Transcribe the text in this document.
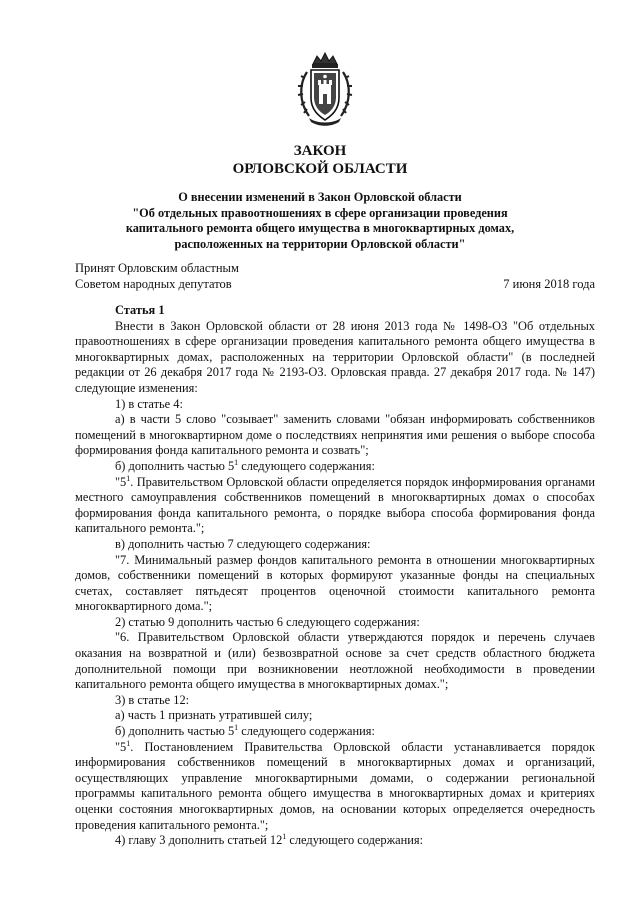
ЗАКОН
ОРЛОВСКОЙ ОБЛАСТИ
О внесении изменений в Закон Орловской области
"Об отдельных правоотношениях в сфере организации проведения
капитального ремонта общего имущества в многоквартирных домах,
расположенных на территории Орловской области"
Принят Орловским областным
Советом народных депутатов	7 июня 2018 года

Статья 1

Внести в Закон Орловской области от 28 июня 2013 года № 1498-ОЗ "Об отдельных правоотношениях в сфере организации проведения капитального ремонта общего имущества в многоквартирных домах, расположенных на территории Орловской области" (в последней редакции от 26 декабря 2017 года № 2193-ОЗ. Орловская правда. 27 декабря 2017 года. № 147) следующие изменения:

1) в статье 4:

а) в части 5 слово "созывает" заменить словами "обязан информировать собственников помещений в многоквартирном доме о последствиях непринятия ими решения о выборе способа формирования фонда капитального ремонта и созвать";

б) дополнить частью $5^1$ следующего содержания:

"$5^1$. Правительством Орловской области определяется порядок информирования органами местного самоуправления собственников помещений в многоквартирных домах о способах формирования фонда капитального ремонта, о порядке выбора способа формирования фонда капитального ремонта.";

в) дополнить частью 7 следующего содержания:

"7. Минимальный размер фондов капитального ремонта в отношении многоквартирных домов, собственники помещений в которых формируют указанные фонды на специальных счетах, составляет пятьдесят процентов оценочной стоимости капитального ремонта многоквартирного дома.";

2) статью 9 дополнить частью 6 следующего содержания:

"6. Правительством Орловской области утверждаются порядок и перечень случаев оказания на возвратной и (или) безвозвратной основе за счет средств областного бюджета дополнительной помощи при возникновении неотложной необходимости в проведении капитального ремонта общего имущества в многоквартирных домах.";

3) в статье 12:

а) часть 1 признать утратившей силу;

б) дополнить частью $5^1$ следующего содержания:

"$5^1$. Постановлением Правительства Орловской области устанавливается порядок информирования собственников помещений в многоквартирных домах и организаций, осуществляющих управление многоквартирными домами, о содержании региональной программы капитального ремонта общего имущества в многоквартирных домах и критериях оценки состояния многоквартирных домов, на основании которых определяется очередность проведения капитального ремонта.";

4) главу 3 дополнить статьей $12^1$ следующего содержания:
